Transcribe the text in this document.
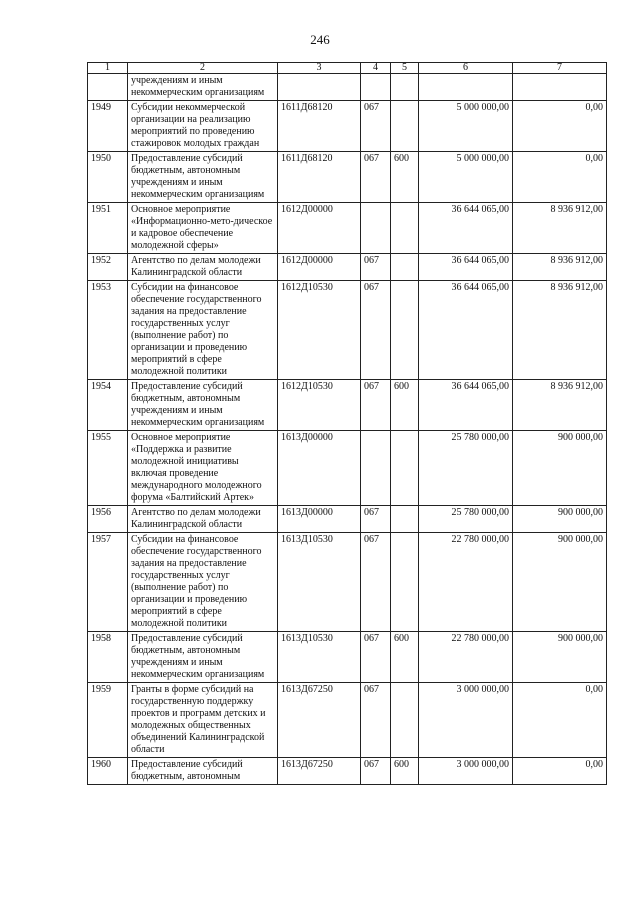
246
1	2	3	4	5	6	7
	учреждениям и иным некоммерческим организациям					
1949	Субсидии некоммерческой организации на реализацию мероприятий по проведению стажировок молодых граждан	1611Д68120	067		5 000 000,00	0,00
1950	Предоставление субсидий бюджетным, автономным учреждениям и иным некоммерческим организациям	1611Д68120	067	600	5 000 000,00	0,00
1951	Основное мероприятие «Информационно-мето-дическое и кадровое обеспечение молодежной сферы»	1612Д00000			36 644 065,00	8 936 912,00
1952	Агентство по делам молодежи Калининградской области	1612Д00000	067		36 644 065,00	8 936 912,00
1953	Субсидии на финансовое обеспечение государственного задания на предоставление государственных услуг (выполнение работ) по организации и проведению мероприятий в сфере молодежной политики	1612Д10530	067		36 644 065,00	8 936 912,00
1954	Предоставление субсидий бюджетным, автономным учреждениям и иным некоммерческим организациям	1612Д10530	067	600	36 644 065,00	8 936 912,00
1955	Основное мероприятие «Поддержка и развитие молодежной инициативы включая проведение международного молодежного форума «Балтийский Артек»	1613Д00000			25 780 000,00	900 000,00
1956	Агентство по делам молодежи Калининградской области	1613Д00000	067		25 780 000,00	900 000,00
1957	Субсидии на финансовое обеспечение государственного задания на предоставление государственных услуг (выполнение работ) по организации и проведению мероприятий в сфере молодежной политики	1613Д10530	067		22 780 000,00	900 000,00
1958	Предоставление субсидий бюджетным, автономным учреждениям и иным некоммерческим организациям	1613Д10530	067	600	22 780 000,00	900 000,00
1959	Гранты в форме субсидий на государственную поддержку проектов и программ детских и молодежных общественных объединений Калининградской области	1613Д67250	067		3 000 000,00	0,00
1960	Предоставление субсидий бюджетным, автономным	1613Д67250	067	600	3 000 000,00	0,00
